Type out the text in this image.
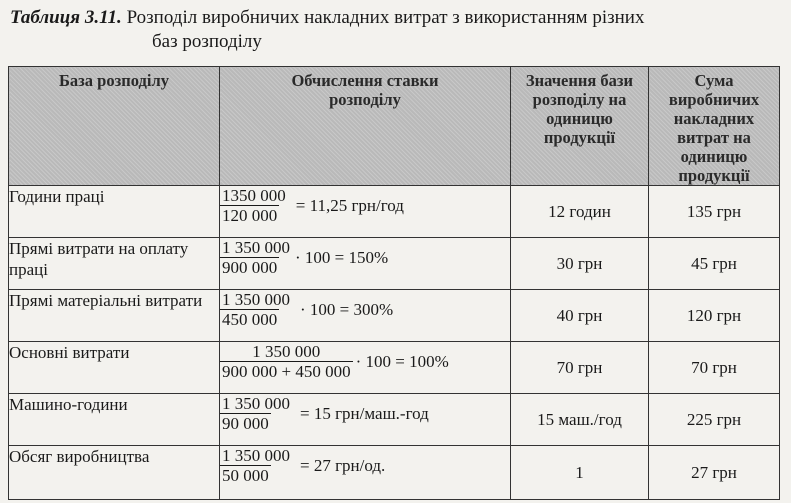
Таблиця 3.11. Розподіл виробничих накладних витрат з використанням різних
баз розподілу
База розподілу	Обчислення ставки розподілу	Значення бази розподілу на одиницю продукції	Сума виробничих накладних витрат на одиницю продукції
Години праці	$\frac{1350 000}{120 000} = 11,25$ грн/год	12 годин	135 грн
Прямі витрати на оплату праці	$\frac{1 350 000}{900 000} \cdot 100 = 150\%$	30 грн	45 грн
Прямі матеріальні витрати	$\frac{1 350 000}{450 000} \cdot 100 = 300\%$	40 грн	120 грн
Основні витрати	$\frac{1 350 000}{900 000 + 450 000} \cdot 100 = 100\%$	70 грн	70 грн
Машино-години	$\frac{1 350 000}{90 000} = 15$ грн/маш.-год	15 маш./год	225 грн
Обсяг виробництва	$\frac{1 350 000}{50 000} = 27$ грн/од.	1	27 грн
